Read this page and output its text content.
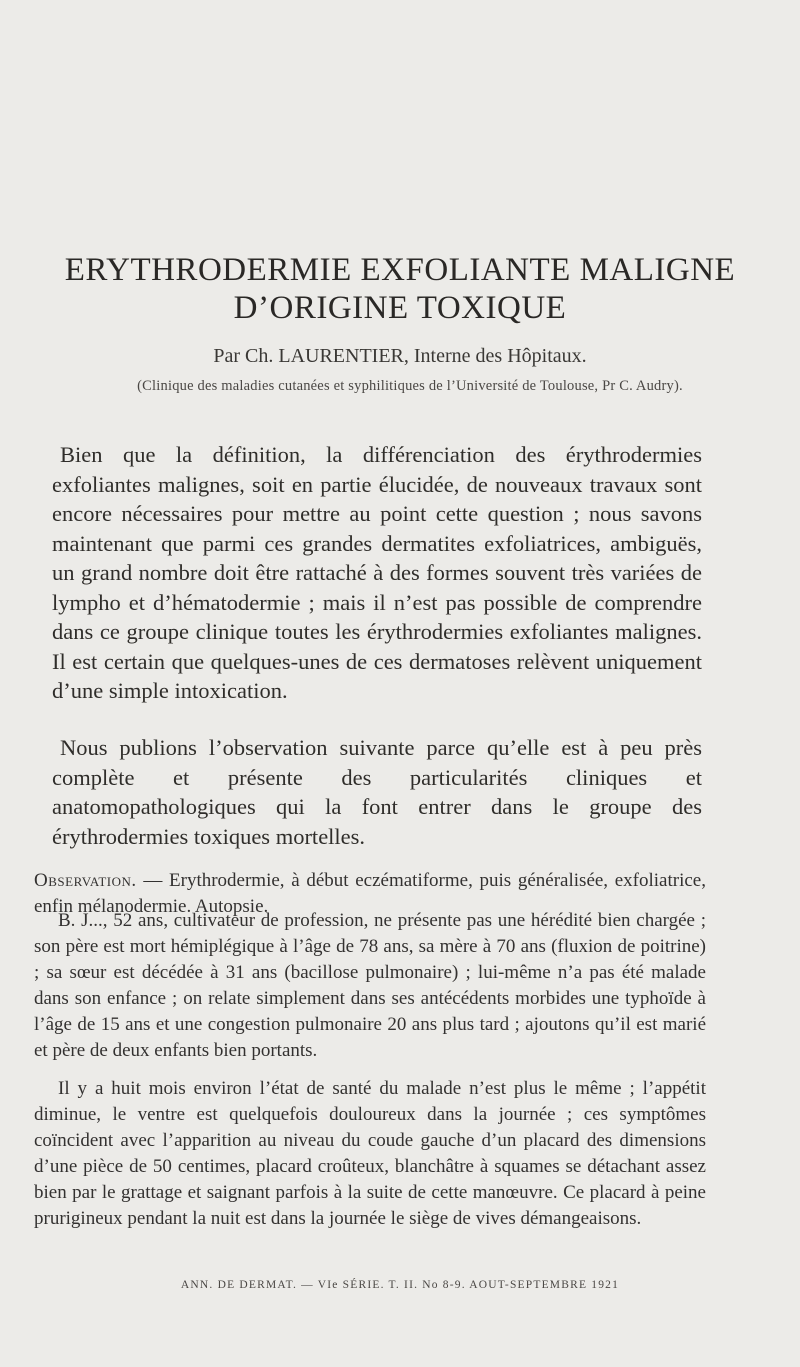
ERYTHRODERMIE EXFOLIANTE MALIGNE
D’ORIGINE TOXIQUE
Par Ch. LAURENTIER, Interne des Hôpitaux.
(Clinique des maladies cutanées et syphilitiques de l’Université de Toulouse, Pr C. Audry).

Bien que la définition, la différenciation des érythrodermies exfoliantes malignes, soit en partie élucidée, de nouveaux travaux sont encore nécessaires pour mettre au point cette question ; nous savons maintenant que parmi ces grandes dermatites exfoliatrices, ambiguës, un grand nombre doit être rattaché à des formes souvent très variées de lympho et d’hématodermie ; mais il n’est pas possible de comprendre dans ce groupe clinique toutes les érythrodermies exfoliantes malignes. Il est certain que quelques-unes de ces dermatoses relèvent uniquement d’une simple intoxication.

Nous publions l’observation suivante parce qu’elle est à peu près complète et présente des particularités cliniques et anatomopathologiques qui la font entrer dans le groupe des érythrodermies toxiques mortelles.

Observation. — Erythrodermie, à début eczématiforme, puis généralisée, exfoliatrice, enfin mélanodermie. Autopsie.

B. J..., 52 ans, cultivateur de profession, ne présente pas une hérédité bien chargée ; son père est mort hémiplégique à l’âge de 78 ans, sa mère à 70 ans (fluxion de poitrine) ; sa sœur est décédée à 31 ans (bacillose pulmonaire) ; lui-même n’a pas été malade dans son enfance ; on relate simplement dans ses antécédents morbides une typhoïde à l’âge de 15 ans et une congestion pulmonaire 20 ans plus tard ; ajoutons qu’il est marié et père de deux enfants bien portants.

Il y a huit mois environ l’état de santé du malade n’est plus le même ; l’appétit diminue, le ventre est quelquefois douloureux dans la journée ; ces symptômes coïncident avec l’apparition au niveau du coude gauche d’un placard des dimensions d’une pièce de 50 centimes, placard croûteux, blanchâtre à squames se détachant assez bien par le grattage et saignant parfois à la suite de cette manœuvre. Ce placard à peine prurigineux pendant la nuit est dans la journée le siège de vives démangeaisons.

ANN. DE DERMAT. — VIe SÉRIE. T. II. No 8-9. AOUT-SEPTEMBRE 1921
